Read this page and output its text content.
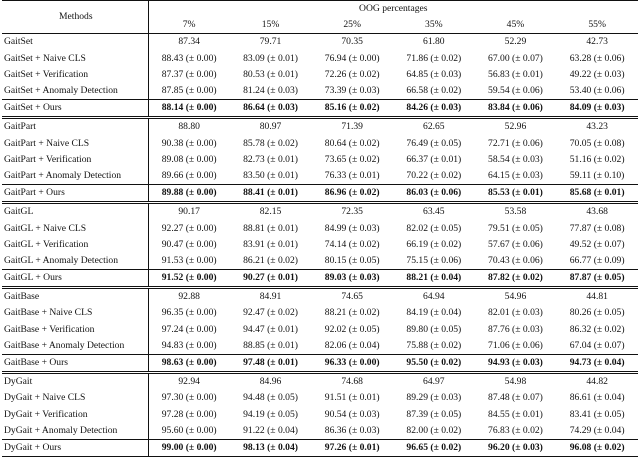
Methods	OOG percentages					
	7%	15%	25%	35%	45%	55%
GaitSet	87.34	79.71	70.35	61.80	52.29	42.73
GaitSet + Naive CLS	88.43 (± 0.00)	83.09 (± 0.01)	76.94 (± 0.00)	71.86 (± 0.02)	67.00 (± 0.07)	63.28 (± 0.06)
GaitSet + Verification	87.37 (± 0.00)	80.53 (± 0.01)	72.26 (± 0.02)	64.85 (± 0.03)	56.83 (± 0.01)	49.22 (± 0.03)
GaitSet + Anomaly Detection	87.85 (± 0.00)	81.24 (± 0.03)	73.39 (± 0.03)	66.58 (± 0.02)	59.54 (± 0.06)	53.40 (± 0.06)
GaitSet + Ours	88.14 (± 0.00)	86.64 (± 0.03)	85.16 (± 0.02)	84.26 (± 0.03)	83.84 (± 0.06)	84.09 (± 0.03)
GaitPart	88.80	80.97	71.39	62.65	52.96	43.23
GaitPart + Naive CLS	90.38 (± 0.00)	85.78 (± 0.02)	80.64 (± 0.02)	76.49 (± 0.05)	72.71 (± 0.06)	70.05 (± 0.08)
GaitPart + Verification	89.08 (± 0.00)	82.73 (± 0.01)	73.65 (± 0.02)	66.37 (± 0.01)	58.54 (± 0.03)	51.16 (± 0.02)
GaitPart + Anomaly Detection	89.66 (± 0.00)	83.50 (± 0.01)	76.33 (± 0.01)	70.22 (± 0.02)	64.15 (± 0.03)	59.11 (± 0.10)
GaitPart + Ours	89.88 (± 0.00)	88.41 (± 0.01)	86.96 (± 0.02)	86.03 (± 0.06)	85.53 (± 0.01)	85.68 (± 0.01)
GaitGL	90.17	82.15	72.35	63.45	53.58	43.68
GaitGL + Naive CLS	92.27 (± 0.00)	88.81 (± 0.01)	84.99 (± 0.03)	82.02 (± 0.05)	79.51 (± 0.05)	77.87 (± 0.08)
GaitGL + Verification	90.47 (± 0.00)	83.91 (± 0.01)	74.14 (± 0.02)	66.19 (± 0.02)	57.67 (± 0.06)	49.52 (± 0.07)
GaitGL + Anomaly Detection	91.53 (± 0.00)	86.21 (± 0.02)	80.15 (± 0.05)	75.15 (± 0.06)	70.43 (± 0.06)	66.77 (± 0.09)
GaitGL + Ours	91.52 (± 0.00)	90.27 (± 0.01)	89.03 (± 0.03)	88.21 (± 0.04)	87.82 (± 0.02)	87.87 (± 0.05)
GaitBase	92.88	84.91	74.65	64.94	54.96	44.81
GaitBase + Naive CLS	96.35 (± 0.00)	92.47 (± 0.02)	88.21 (± 0.02)	84.19 (± 0.04)	82.01 (± 0.03)	80.26 (± 0.05)
GaitBase + Verification	97.24 (± 0.00)	94.47 (± 0.01)	92.02 (± 0.05)	89.80 (± 0.05)	87.76 (± 0.03)	86.32 (± 0.02)
GaitBase + Anomaly Detection	94.83 (± 0.00)	88.85 (± 0.01)	82.06 (± 0.04)	75.88 (± 0.02)	71.06 (± 0.06)	67.04 (± 0.07)
GaitBase + Ours	98.63 (± 0.00)	97.48 (± 0.01)	96.33 (± 0.00)	95.50 (± 0.02)	94.93 (± 0.03)	94.73 (± 0.04)
DyGait	92.94	84.96	74.68	64.97	54.98	44.82
DyGait + Naive CLS	97.30 (± 0.00)	94.48 (± 0.05)	91.51 (± 0.01)	89.29 (± 0.03)	87.48 (± 0.07)	86.61 (± 0.04)
DyGait + Verification	97.28 (± 0.00)	94.19 (± 0.05)	90.54 (± 0.03)	87.39 (± 0.05)	84.55 (± 0.01)	83.41 (± 0.05)
DyGait + Anomaly Detection	95.60 (± 0.00)	91.22 (± 0.04)	86.36 (± 0.03)	82.00 (± 0.02)	76.83 (± 0.02)	74.29 (± 0.04)
DyGait + Ours	99.00 (± 0.00)	98.13 (± 0.04)	97.26 (± 0.01)	96.65 (± 0.02)	96.20 (± 0.03)	96.08 (± 0.02)
